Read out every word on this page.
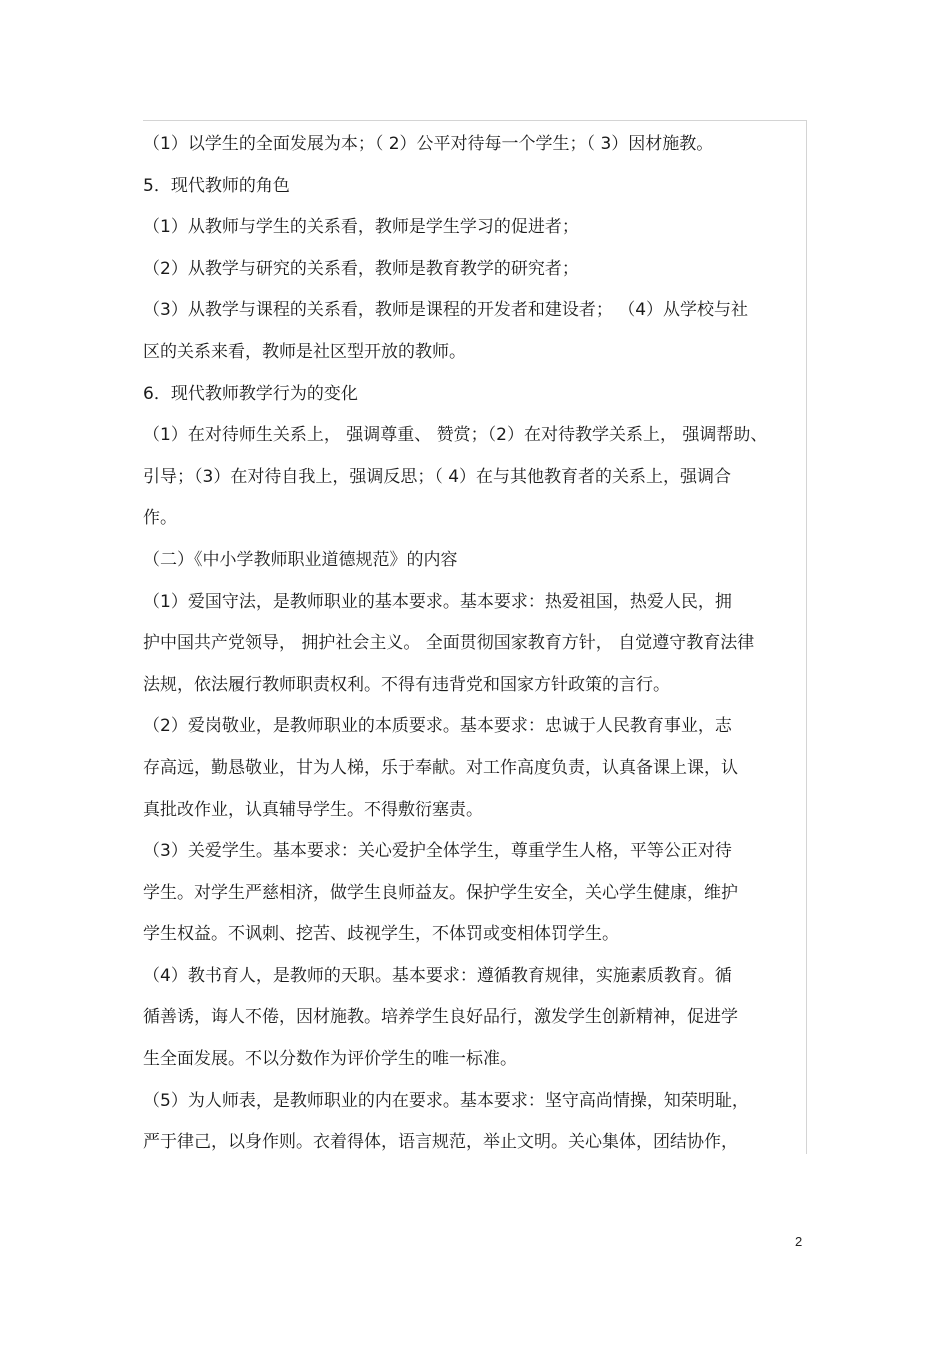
（1）以学生的全面发展为本；（ 2）公平对待每一个学生；（ 3）因材施教。
5．现代教师的角色
（1）从教师与学生的关系看，教师是学生学习的促进者；
（2）从教学与研究的关系看，教师是教育教学的研究者；
（3）从教学与课程的关系看，教师是课程的开发者和建设者； （4）从学校与社
区的关系来看，教师是社区型开放的教师。
6．现代教师教学行为的变化
（1）在对待师生关系上， 强调尊重、 赞赏；（2）在对待教学关系上， 强调帮助、
引导；（3）在对待自我上，强调反思；（ 4）在与其他教育者的关系上，强调合
作。
（二）《中小学教师职业道德规范》的内容
（1）爱国守法，是教师职业的基本要求。基本要求：热爱祖国，热爱人民，拥
护中国共产党领导， 拥护社会主义。 全面贯彻国家教育方针， 自觉遵守教育法律
法规，依法履行教师职责权利。不得有违背党和国家方针政策的言行。
（2）爱岗敬业，是教师职业的本质要求。基本要求：忠诚于人民教育事业，志
存高远，勤恳敬业，甘为人梯，乐于奉献。对工作高度负责，认真备课上课，认
真批改作业，认真辅导学生。不得敷衍塞责。
（3）关爱学生。基本要求：关心爱护全体学生，尊重学生人格，平等公正对待
学生。对学生严慈相济，做学生良师益友。保护学生安全，关心学生健康，维护
学生权益。不讽刺、挖苦、歧视学生，不体罚或变相体罚学生。
（4）教书育人，是教师的天职。基本要求：遵循教育规律，实施素质教育。循
循善诱，诲人不倦，因材施教。培养学生良好品行，激发学生创新精神，促进学
生全面发展。不以分数作为评价学生的唯一标准。
（5）为人师表，是教师职业的内在要求。基本要求：坚守高尚情操，知荣明耻，
严于律己，以身作则。衣着得体，语言规范，举止文明。关心集体，团结协作，
2
